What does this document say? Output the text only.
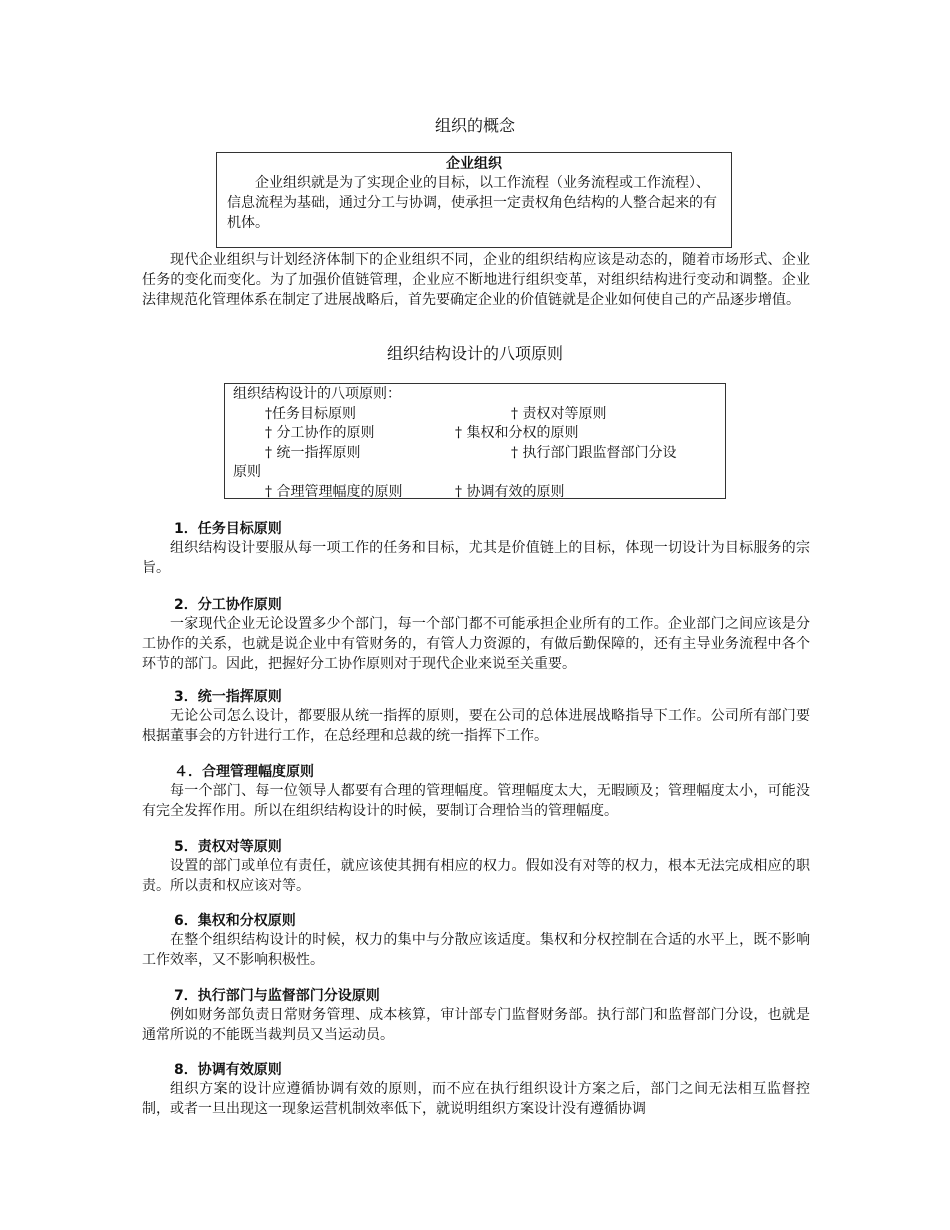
组织的概念
企业组织
企业组织就是为了实现企业的目标，以工作流程（业务流程或工作流程）、信息流程为基础，通过分工与协调，使承担一定责权角色结构的人整合起来的有机体。

现代企业组织与计划经济体制下的企业组织不同，企业的组织结构应该是动态的，随着市场形式、企业任务的变化而变化。为了加强价值链管理，企业应不断地进行组织变革，对组织结构进行变动和调整。企业法律规范化管理体系在制定了进展战略后，首先要确定企业的价值链就是企业如何使自己的产品逐步增值。

组织结构设计的八项原则
组织结构设计的八项原则：
†任务目标原则	† 责权对等原则
† 分工协作的原则	† 集权和分权的原则
† 统一指挥原则	† 执行部门跟监督部门分设
原则
† 合理管理幅度的原则	† 协调有效的原则
1．任务目标原则

组织结构设计要服从每一项工作的任务和目标，尤其是价值链上的目标，体现一切设计为目标服务的宗旨。

2．分工协作原则

一家现代企业无论设置多少个部门，每一个部门都不可能承担企业所有的工作。企业部门之间应该是分工协作的关系，也就是说企业中有管财务的，有管人力资源的，有做后勤保障的，还有主导业务流程中各个环节的部门。因此，把握好分工协作原则对于现代企业来说至关重要。

3．统一指挥原则

无论公司怎么设计，都要服从统一指挥的原则，要在公司的总体进展战略指导下工作。公司所有部门要根据董事会的方针进行工作，在总经理和总裁的统一指挥下工作。

４．合理管理幅度原则

每一个部门、每一位领导人都要有合理的管理幅度。管理幅度太大，无暇顾及；管理幅度太小，可能没有完全发挥作用。所以在组织结构设计的时候，要制订合理恰当的管理幅度。

5．责权对等原则

设置的部门或单位有责任，就应该使其拥有相应的权力。假如没有对等的权力，根本无法完成相应的职责。所以责和权应该对等。

6．集权和分权原则

在整个组织结构设计的时候，权力的集中与分散应该适度。集权和分权控制在合适的水平上，既不影响工作效率，又不影响积极性。

7．执行部门与监督部门分设原则

例如财务部负责日常财务管理、成本核算，审计部专门监督财务部。执行部门和监督部门分设，也就是通常所说的不能既当裁判员又当运动员。

8．协调有效原则

组织方案的设计应遵循协调有效的原则，而不应在执行组织设计方案之后，部门之间无法相互监督控制，或者一旦出现这一现象运营机制效率低下，就说明组织方案设计没有遵循协调
